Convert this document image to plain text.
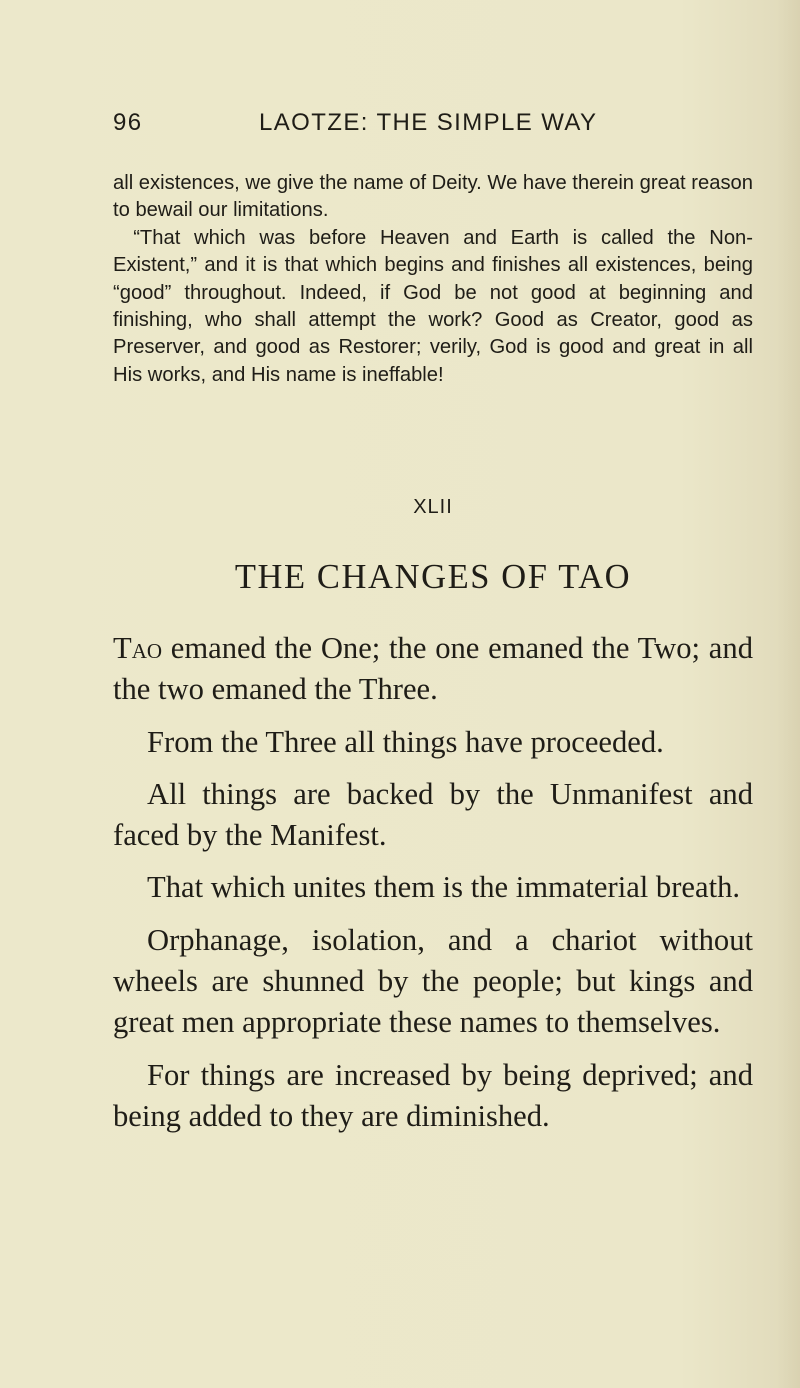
96	LAOTZE: THE SIMPLE WAY

all existences, we give the name of Deity. We have therein great reason to bewail our limitations.

“That which was before Heaven and Earth is called the Non-Existent,” and it is that which begins and finishes all existences, being “good” throughout. Indeed, if God be not good at beginning and finishing, who shall attempt the work? Good as Creator, good as Preserver, and good as Restorer; verily, God is good and great in all His works, and His name is ineffable!

XLII
THE CHANGES OF TAO

Tao emaned the One; the one emaned the Two; and the two emaned the Three.

From the Three all things have proceeded.

All things are backed by the Unmanifest and faced by the Manifest.

That which unites them is the immaterial breath.

Orphanage, isolation, and a chariot without wheels are shunned by the people; but kings and great men appropriate these names to themselves.

For things are increased by being deprived; and being added to they are diminished.
